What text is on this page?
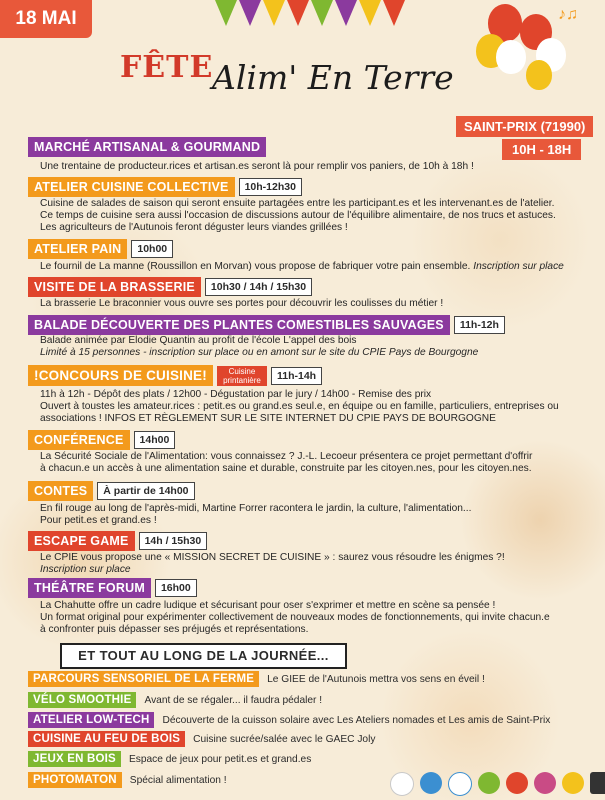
18 MAI	♪♫
FÊTE
Alim' En Terre
SAINT-PRIX (71990)
10H - 18H
MARCHÉ ARTISANAL & GOURMAND
Une trentaine de producteur.rices et artisan.es seront là pour remplir vos paniers, de 10h à 18h !
ATELIER CUISINE COLLECTIVE	10h-12h30
Cuisine de salades de saison qui seront ensuite partagées entre les participant.es et les intervenant.es de l'atelier.
Ce temps de cuisine sera aussi l'occasion de discussions autour de l'équilibre alimentaire, de nos trucs et astuces.
Les agriculteurs de l'Autunois feront déguster leurs viandes grillées !
ATELIER PAIN	10h00
Le fournil de La manne (Roussillon en Morvan) vous propose de fabriquer votre pain ensemble. Inscription sur place
VISITE DE LA BRASSERIE	10h30 / 14h / 15h30
La brasserie Le braconnier vous ouvre ses portes pour découvrir les coulisses du métier !
BALADE DÉCOUVERTE DES PLANTES COMESTIBLES SAUVAGES	11h-12h
Balade animée par Elodie Quantin au profit de l'école L'appel des bois
Limité à 15 personnes - inscription sur place ou en amont sur le site du CPIE Pays de Bourgogne
!CONCOURS DE CUISINE!	Cuisine printanière	11h-14h
11h à 12h - Dépôt des plats / 12h00 - Dégustation par le jury / 14h00 - Remise des prix
Ouvert à toustes les amateur.rices : petit.es ou grand.es seul.e, en équipe ou en famille, particuliers, entreprises ou
associations ! INFOS ET RÈGLEMENT SUR LE SITE INTERNET DU CPIE PAYS DE BOURGOGNE
CONFÉRENCE	14h00
La Sécurité Sociale de l'Alimentation: vous connaissez ? J.-L. Lecoeur présentera ce projet permettant d'offrir
à chacun.e un accès à une alimentation saine et durable, construite par les citoyen.nes, pour les citoyen.nes.
CONTES	À partir de 14h00
En fil rouge au long de l'après-midi, Martine Forrer racontera le jardin, la culture, l'alimentation...
Pour petit.es et grand.es !
ESCAPE GAME	14h / 15h30
Le CPIE vous propose une « MISSION SECRET DE CUISINE » : saurez vous résoudre les énigmes ?!
Inscription sur place
THÉÂTRE FORUM	16h00
La Chahutte offre un cadre ludique et sécurisant pour oser s'exprimer et mettre en scène sa pensée !
Un format original pour expérimenter collectivement de nouveaux modes de fonctionnements, qui invite chacun.e
à confronter puis dépasser ses préjugés et représentations.
ET TOUT AU LONG DE LA JOURNÉE...
PARCOURS SENSORIEL DE LA FERME	Le GIEE de l'Autunois mettra vos sens en éveil !
VÉLO SMOOTHIE	Avant de se régaler... il faudra pédaler !
ATELIER LOW-TECH	Découverte de la cuisson solaire avec Les Ateliers nomades et Les amis de Saint-Prix
CUISINE AU FEU DE BOIS	Cuisine sucrée/salée avec le GAEC Joly
JEUX EN BOIS	Espace de jeux pour petit.es et grand.es
PHOTOMATON	Spécial alimentation !
